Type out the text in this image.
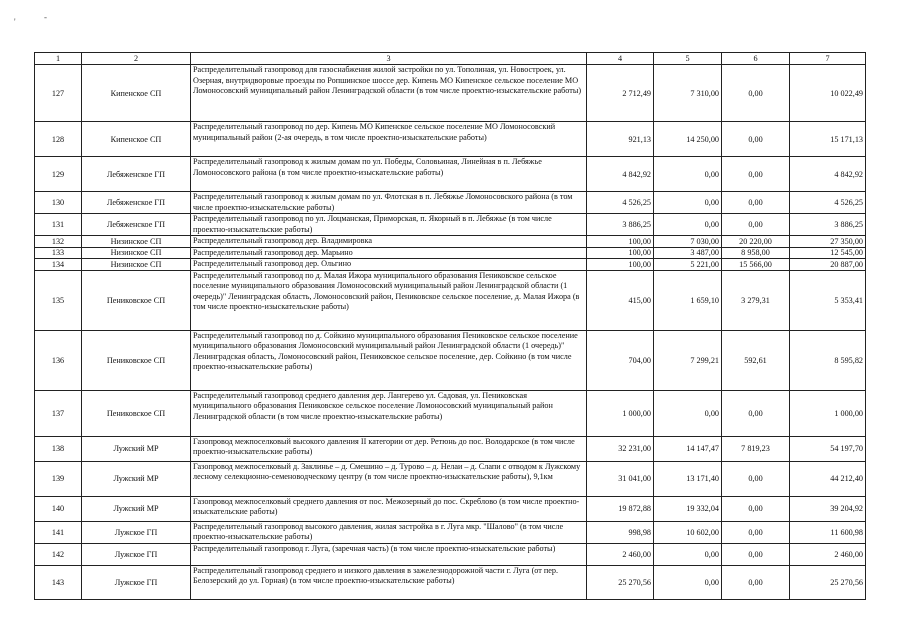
'	-
1	2	3	4	5	6	7
127	Кипенское СП	Распределительный газопровод для газоснабжения жилой застройки по ул. Тополиная, ул. Новостроек, ул. Озерная, внутридворовые проезды по Ропшинское шоссе дер. Кипень МО Кипенское сельское поселение МО Ломоносовский муниципальный район Ленинградской области (в том числе проектно-изыскательские работы)	2 712,49	7 310,00	0,00	10 022,49
128	Кипенское СП	Распределительный газопровод по дер. Кипень МО Кипенское сельское поселение МО Ломоносовский муниципальный район (2-ая очередь, в том числе проектно-изыскательские работы)	921,13	14 250,00	0,00	15 171,13
129	Лебяженское ГП	Распределительный газопровод к жилым домам по ул. Победы, Соловьиная, Линейная в п. Лебяжье Ломоносовского района (в том числе проектно-изыскательские работы)	4 842,92	0,00	0,00	4 842,92
130	Лебяженское ГП	Распределительный газопровод к жилым домам по ул. Флотская в п. Лебяжье Ломоносовского района (в том числе проектно-изыскательские работы)	4 526,25	0,00	0,00	4 526,25
131	Лебяженское ГП	Распределительный газопровод по ул. Лоцманская, Приморская, п. Якорный в п. Лебяжье (в том числе проектно-изыскательские работы)	3 886,25	0,00	0,00	3 886,25
132	Низинское СП	Распределительный газопровод дер. Владимировка	100,00	7 030,00	20 220,00	27 350,00
133	Низинское СП	Распределительный газопровод дер. Марьино	100,00	3 487,00	8 958,00	12 545,00
134	Низинское СП	Распределительный газопровод дер. Ольгино	100,00	5 221,00	15 566,00	20 887,00
135	Пениковское СП	Распределительный газопровод по д. Малая Ижора муниципального образования Пениковское сельское поселение муниципального образования Ломоносовский муниципальный район Ленинградской области (1 очередь)" Ленинградская область, Ломоносовский район, Пениковское сельское поселение, д. Малая Ижора (в том числе проектно-изыскательские работы)	415,00	1 659,10	3 279,31	5 353,41
136	Пениковское СП	Распределительный газопровод по д. Сойкино муниципального образования Пениковское сельское поселение муниципального образования Ломоносовский муниципальный район Ленинградской области (1 очередь)" Ленинградская область, Ломоносовский район, Пениковское сельское поселение, дер. Сойкино (в том числе проектно-изыскательские работы)	704,00	7 299,21	592,61	8 595,82
137	Пениковское СП	Распределительный газопровод среднего давления дер. Лангерево ул. Садовая, ул. Пениковская муниципального образования Пениковское сельское поселение Ломоносовский муниципальный район Ленинградской области (в том числе проектно-изыскательские работы)	1 000,00	0,00	0,00	1 000,00
138	Лужский МР	Газопровод межпоселковый высокого давления II категории от дер. Ретюнь до пос. Володарское (в том числе проектно-изыскательские работы)	32 231,00	14 147,47	7 819,23	54 197,70
139	Лужский МР	Газопровод межпоселковый д. Заклинье – д. Смешино – д. Турово – д. Нелаи – д. Слапи с отводом к Лужскому лесному селекционно-семеноводческому центру (в том числе проектно-изыскательские работы), 9,1км	31 041,00	13 171,40	0,00	44 212,40
140	Лужский МР	Газопровод межпоселковый среднего давления от пос. Межозерный до пос. Скреблово (в том числе проектно-изыскательские работы)	19 872,88	19 332,04	0,00	39 204,92
141	Лужское ГП	Распределительный газопровод высокого давления, жилая застройка в г. Луга мкр. "Шалово" (в том числе проектно-изыскательские работы)	998,98	10 602,00	0,00	11 600,98
142	Лужское ГП	Распределительный газопровод г. Луга, (заречная часть) (в том числе проектно-изыскательские работы)	2 460,00	0,00	0,00	2 460,00
143	Лужское ГП	Распределительный газопровод среднего и низкого давления в зажелезнодорожной части г. Луга (от пер. Белозерский до ул. Горная) (в том числе проектно-изыскательские работы)	25 270,56	0,00	0,00	25 270,56
